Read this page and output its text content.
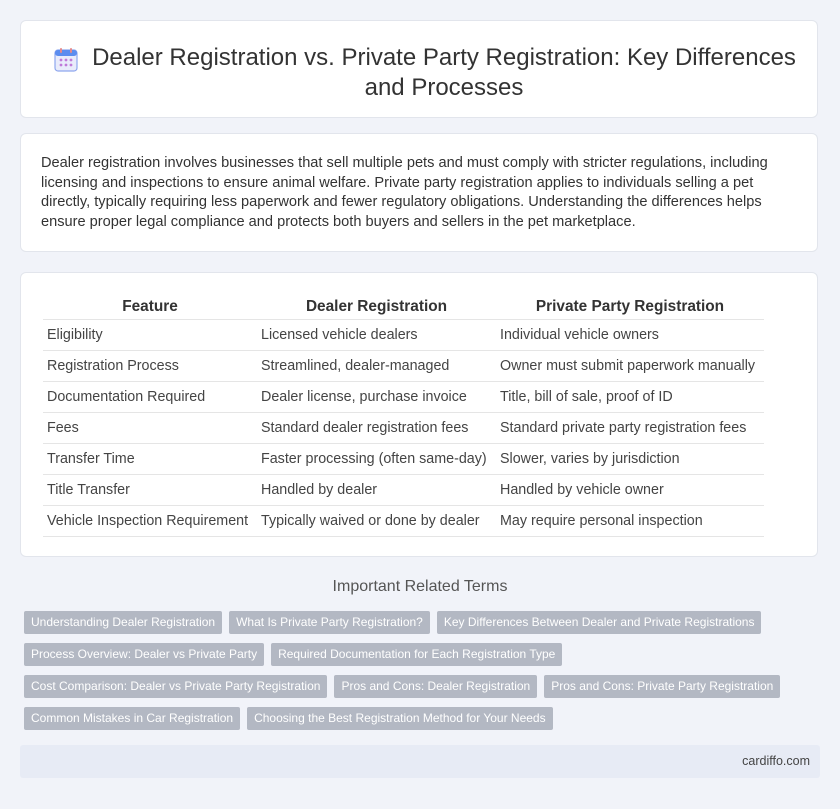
Dealer Registration vs. Private Party Registration: Key Differences and Processes

Dealer registration involves businesses that sell multiple pets and must comply with stricter regulations, including licensing and inspections to ensure animal welfare. Private party registration applies to individuals selling a pet directly, typically requiring less paperwork and fewer regulatory obligations. Understanding the differences helps ensure proper legal compliance and protects both buyers and sellers in the pet marketplace.

Feature	Dealer Registration	Private Party Registration
Eligibility	Licensed vehicle dealers	Individual vehicle owners
Registration Process	Streamlined, dealer-managed	Owner must submit paperwork manually
Documentation Required	Dealer license, purchase invoice	Title, bill of sale, proof of ID
Fees	Standard dealer registration fees	Standard private party registration fees
Transfer Time	Faster processing (often same-day)	Slower, varies by jurisdiction
Title Transfer	Handled by dealer	Handled by vehicle owner
Vehicle Inspection Requirement	Typically waived or done by dealer	May require personal inspection
Important Related Terms
Understanding Dealer Registration What Is Private Party Registration? Key Differences Between Dealer and Private Registrations
Process Overview: Dealer vs Private Party Required Documentation for Each Registration Type
Cost Comparison: Dealer vs Private Party Registration Pros and Cons: Dealer Registration Pros and Cons: Private Party Registration
Common Mistakes in Car Registration Choosing the Best Registration Method for Your Needs
cardiffo.com
